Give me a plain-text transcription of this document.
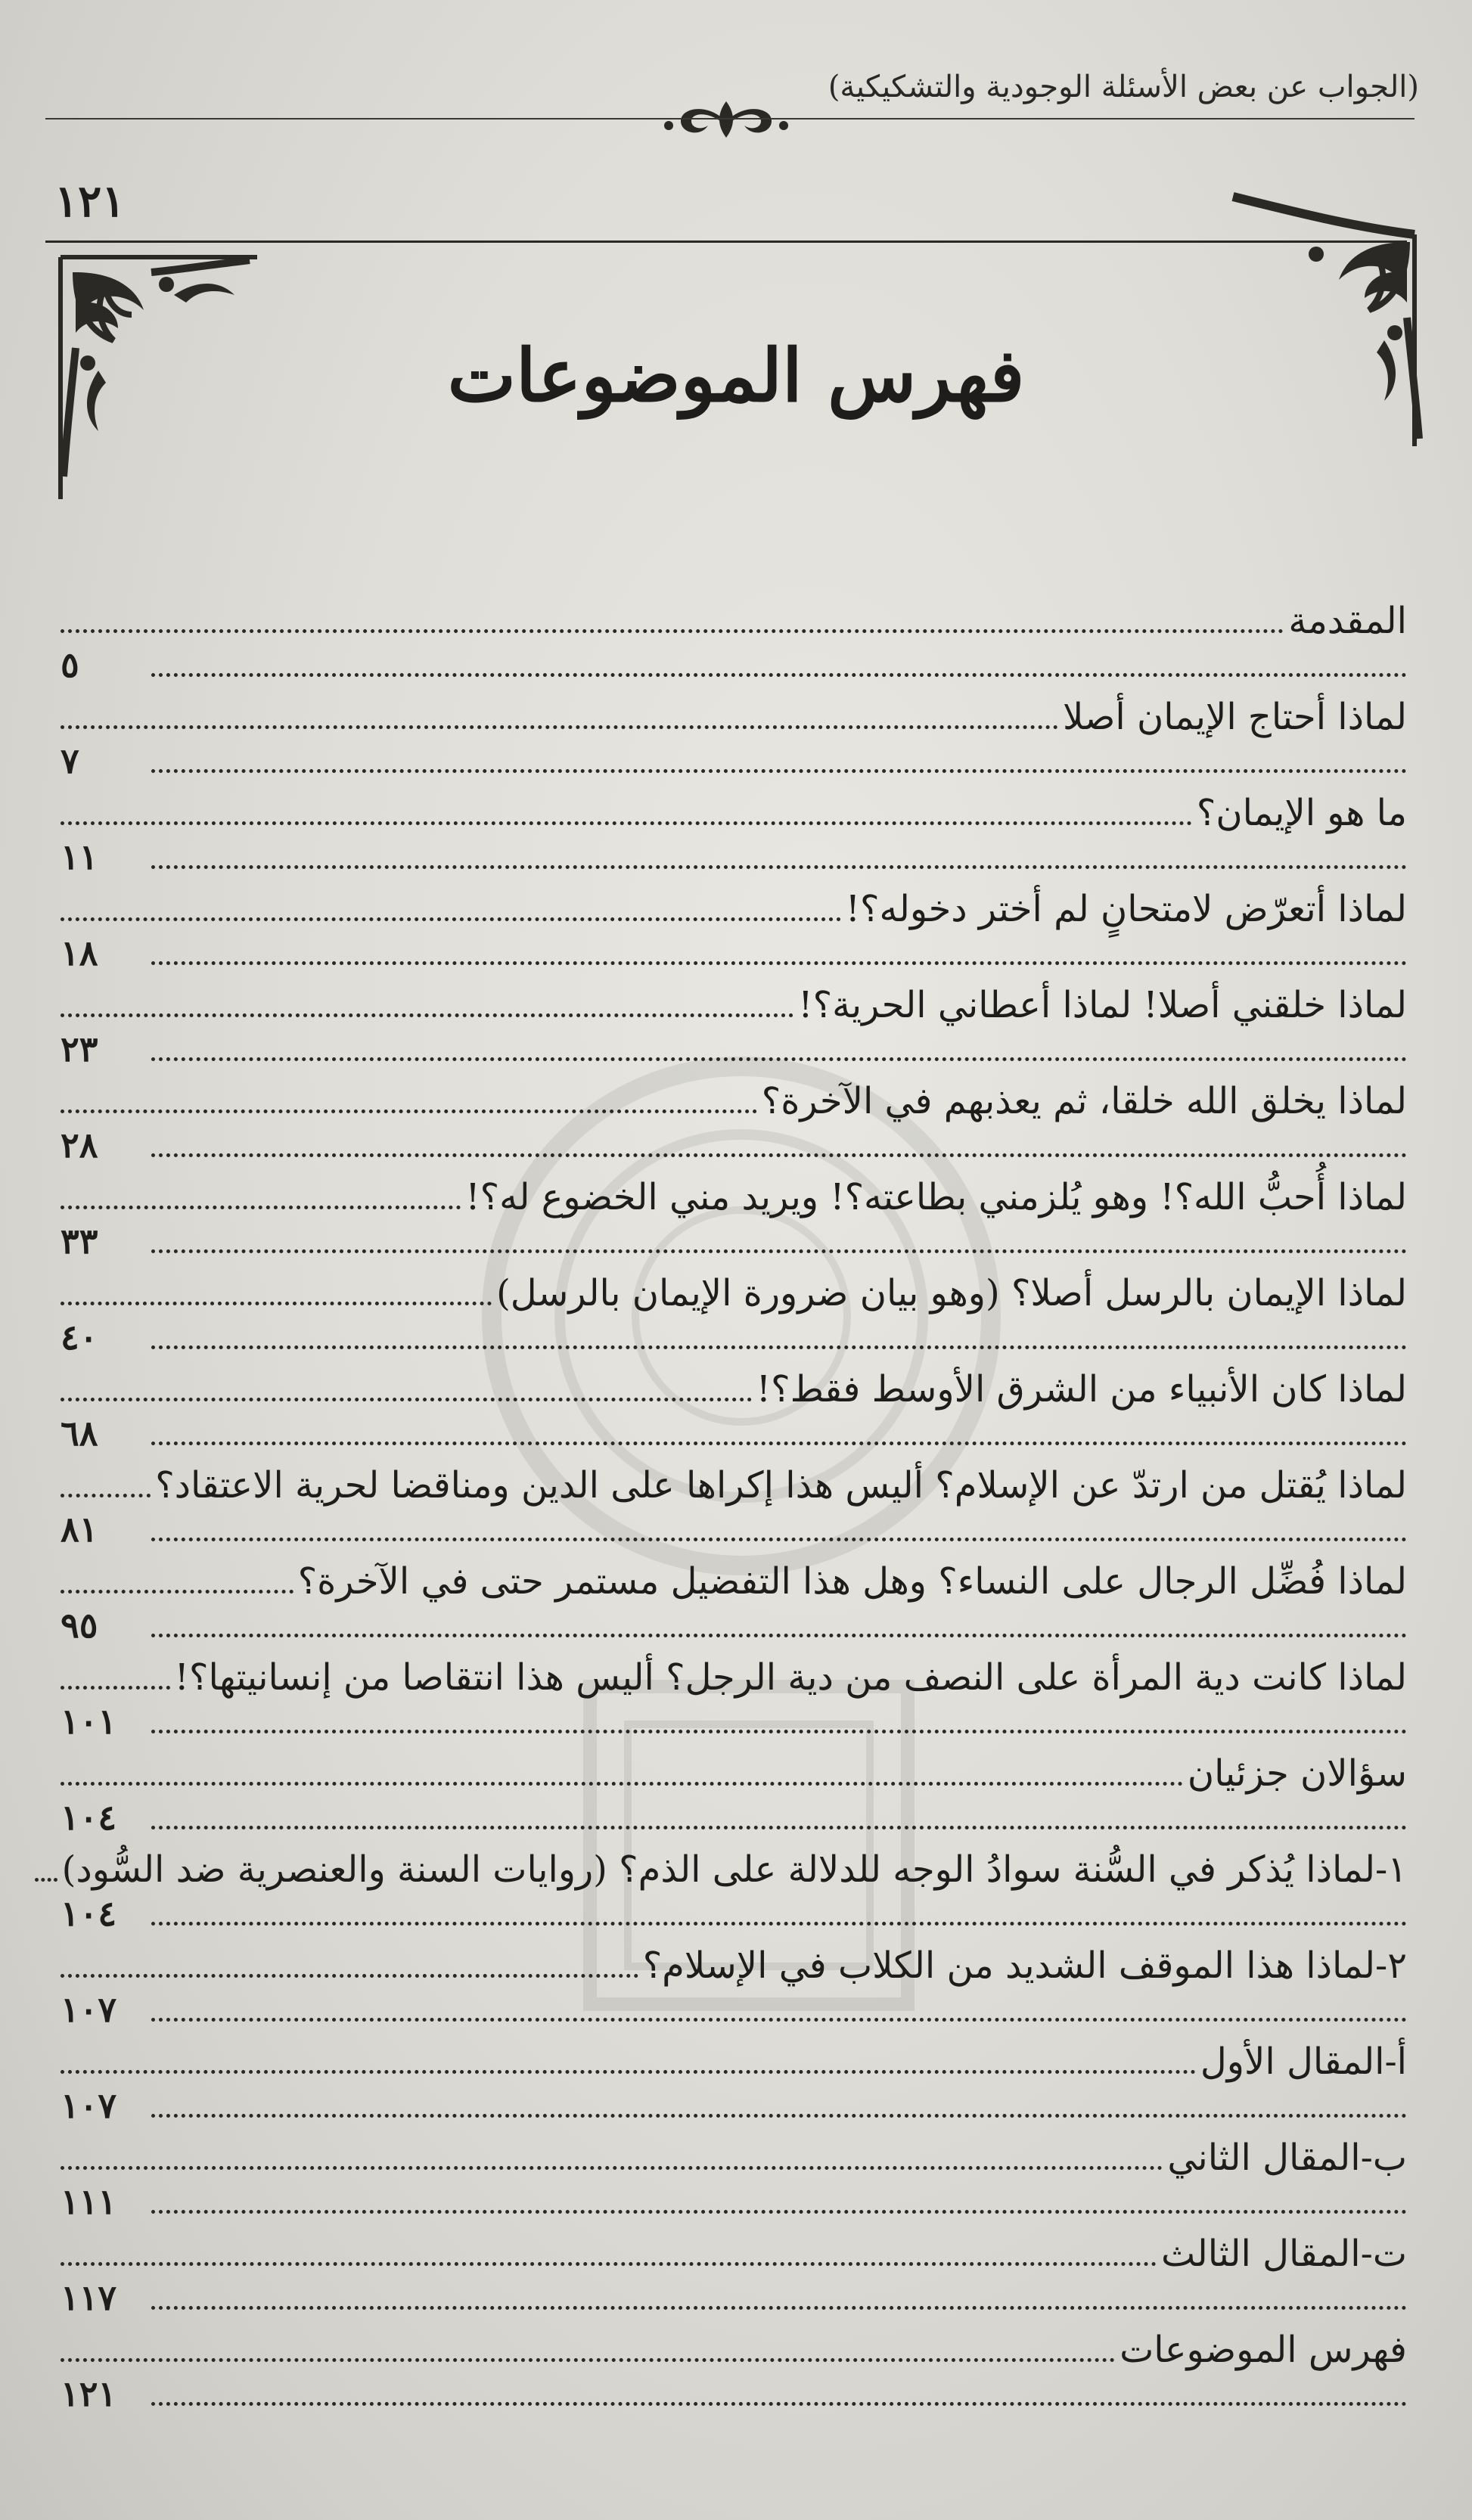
(الجواب عن بعض الأسئلة الوجودية والتشكيكية)
١٢١
فهرس الموضوعات
المقدمة
٥
لماذا أحتاج الإيمان أصلا
٧
ما هو الإيمان؟
١١
لماذا أتعرّض لامتحانٍ لم أختر دخوله؟!
١٨
لماذا خلقني أصلا! لماذا أعطاني الحرية؟!
٢٣
لماذا يخلق الله خلقا، ثم يعذبهم في الآخرة؟
٢٨
لماذا أُحبُّ الله؟! وهو يُلزمني بطاعته؟! ويريد مني الخضوع له؟!
٣٣
لماذا الإيمان بالرسل أصلا؟ (وهو بيان ضرورة الإيمان بالرسل)
٤٠
لماذا كان الأنبياء من الشرق الأوسط فقط؟!
٦٨
لماذا يُقتل من ارتدّ عن الإسلام؟ أليس هذا إكراها على الدين ومناقضا لحرية الاعتقاد؟
٨١
لماذا فُضِّل الرجال على النساء؟ وهل هذا التفضيل مستمر حتى في الآخرة؟
٩٥
لماذا كانت دية المرأة على النصف من دية الرجل؟ أليس هذا انتقاصا من إنسانيتها؟!
١٠١
سؤالان جزئيان
١٠٤
١-لماذا يُذكر في السُّنة سوادُ الوجه للدلالة على الذم؟ (روايات السنة والعنصرية ضد السُّود)
١٠٤
٢-لماذا هذا الموقف الشديد من الكلاب في الإسلام؟
١٠٧
أ-المقال الأول
١٠٧
ب-المقال الثاني
١١١
ت-المقال الثالث
١١٧
فهرس الموضوعات
١٢١
